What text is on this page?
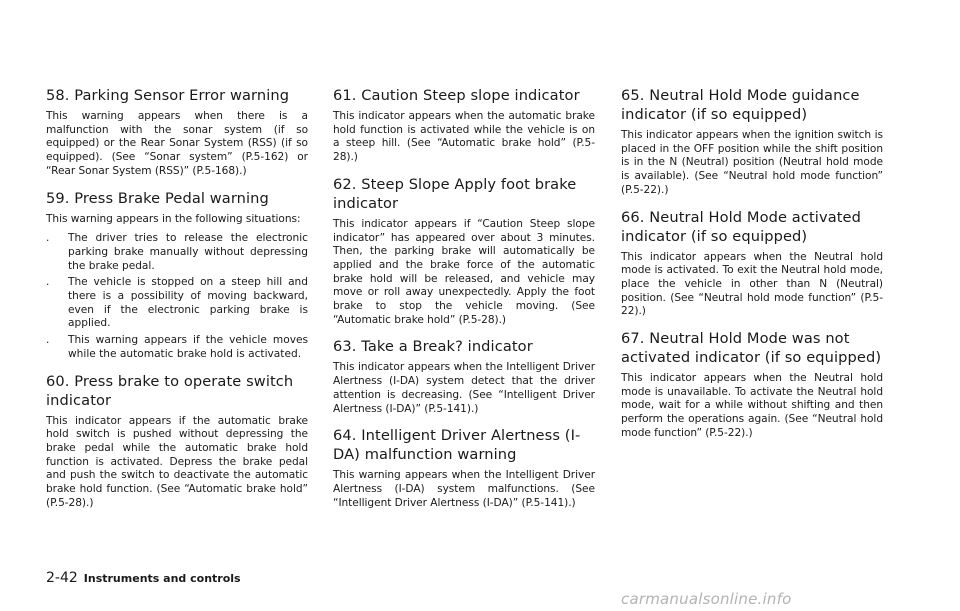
58. Parking Sensor Error warning

This warning appears when there is a malfunction with the sonar system (if so equipped) or the Rear Sonar System (RSS) (if so equipped). (See “Sonar system” (P.5-162) or “Rear Sonar System (RSS)” (P.5-168).)

59. Press Brake Pedal warning

This warning appears in the following situations:

. The driver tries to release the electronic parking brake manually without depressing the brake pedal.
. The vehicle is stopped on a steep hill and there is a possibility of moving backward, even if the electronic parking brake is applied.
. This warning appears if the vehicle moves while the automatic brake hold is activated.
60. Press brake to operate switch indicator

This indicator appears if the automatic brake hold switch is pushed without depressing the brake pedal while the automatic brake hold function is activated. Depress the brake pedal and push the switch to deactivate the automatic brake hold function. (See “Automatic brake hold” (P.5-28).)

61. Caution Steep slope indicator

This indicator appears when the automatic brake hold function is activated while the vehicle is on a steep hill. (See “Automatic brake hold” (P.5-28).)

62. Steep Slope Apply foot brake indicator

This indicator appears if “Caution Steep slope indicator” has appeared over about 3 minutes. Then, the parking brake will automatically be applied and the brake force of the automatic brake hold will be released, and vehicle may move or roll away unexpectedly. Apply the foot brake to stop the vehicle moving. (See “Automatic brake hold” (P.5-28).)

63. Take a Break? indicator

This indicator appears when the Intelligent Driver Alertness (I-DA) system detect that the driver attention is decreasing. (See “Intelligent Driver Alertness (I-DA)” (P.5-141).)

64. Intelligent Driver Alertness (I-DA) malfunction warning

This warning appears when the Intelligent Driver Alertness (I-DA) system malfunctions. (See “Intelligent Driver Alertness (I-DA)” (P.5-141).)

65. Neutral Hold Mode guidance indicator (if so equipped)

This indicator appears when the ignition switch is placed in the OFF position while the shift position is in the N (Neutral) position (Neutral hold mode is available). (See “Neutral hold mode function” (P.5-22).)

66. Neutral Hold Mode activated indicator (if so equipped)

This indicator appears when the Neutral hold mode is activated. To exit the Neutral hold mode, place the vehicle in other than N (Neutral) position. (See “Neutral hold mode function” (P.5-22).)

67. Neutral Hold Mode was not activated indicator (if so equipped)

This indicator appears when the Neutral hold mode is unavailable. To activate the Neutral hold mode, wait for a while without shifting and then perform the operations again. (See “Neutral hold mode function” (P.5-22).)

2-42 Instruments and controls
carmanualsonline.info
